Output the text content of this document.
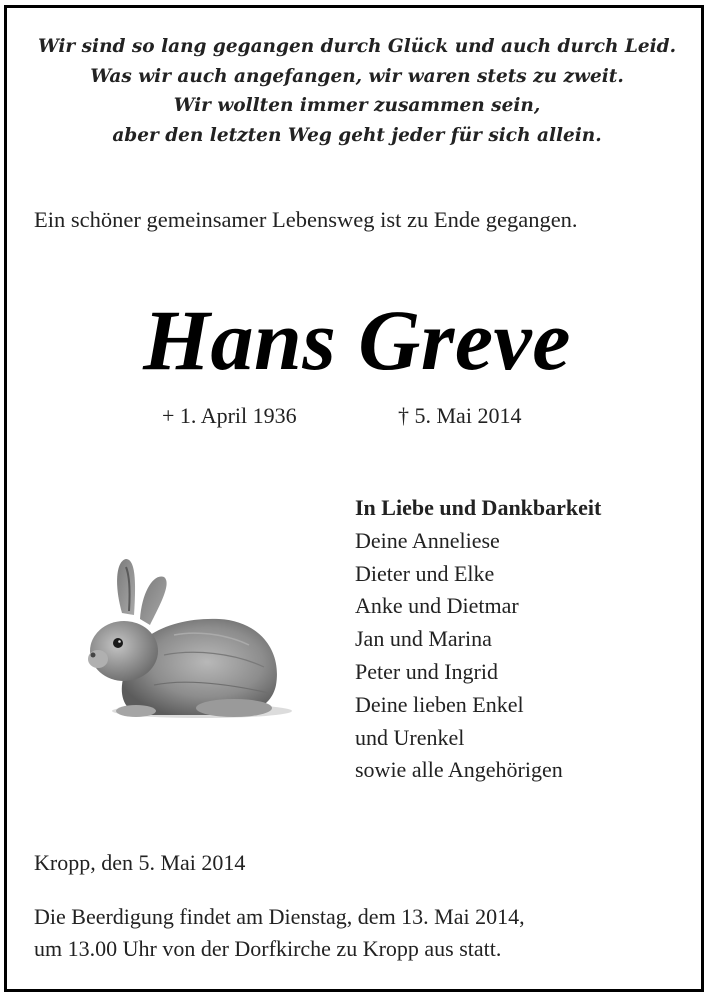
Wir sind so lang gegangen durch Glück und auch durch Leid.
Was wir auch angefangen, wir waren stets zu zweit.
Wir wollten immer zusammen sein,
aber den letzten Weg geht jeder für sich allein.
Ein schöner gemeinsamer Lebensweg ist zu Ende gegangen.
Hans Greve
+ 1. April 1936	† 5. Mai 2014
In Liebe und Dankbarkeit
Deine Anneliese
Dieter und Elke
Anke und Dietmar
Jan und Marina
Peter und Ingrid
Deine lieben Enkel
und Urenkel
sowie alle Angehörigen
Kropp, den 5. Mai 2014
Die Beerdigung findet am Dienstag, dem 13. Mai 2014,
um 13.00 Uhr von der Dorfkirche zu Kropp aus statt.
